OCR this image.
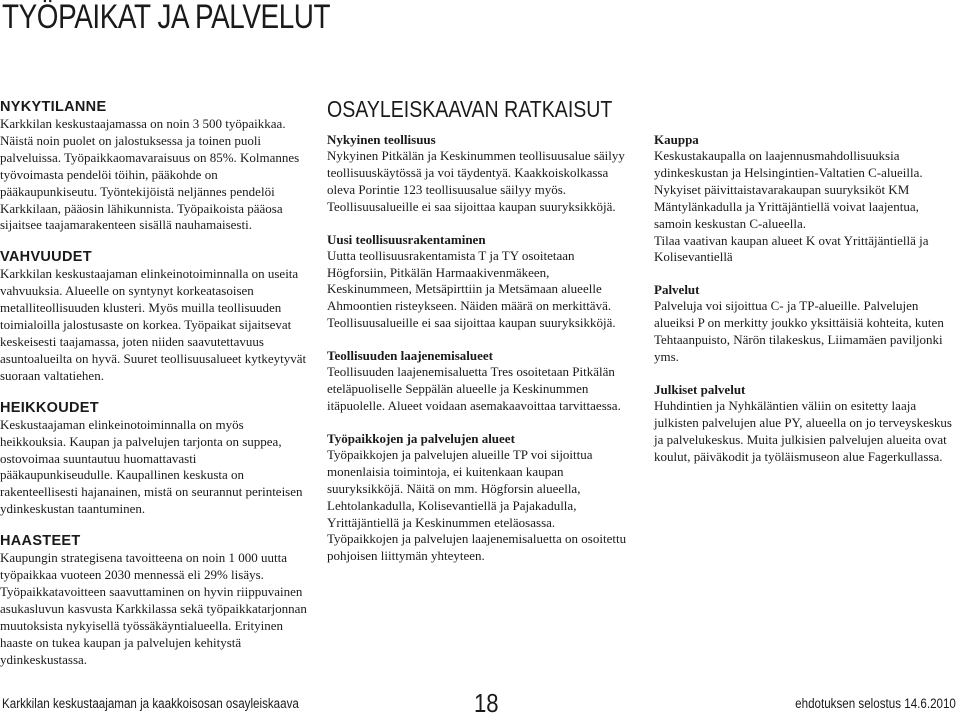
TYÖPAIKAT JA PALVELUT
NYKYTILANNE

Karkkilan keskustaajamassa on noin 3 500 työpaikkaa. Näistä noin puolet on jalostuksessa ja toinen puoli palveluissa. Työpaikkaomavaraisuus on 85%. Kolmannes työvoimasta pendelöi töihin, pääkohde on pääkaupunkiseutu. Työntekijöistä neljännes pendelöi Karkkilaan, pääosin lähikunnista. Työpaikoista pääosa sijaitsee taajamarakenteen sisällä nauhamaisesti.

VAHVUUDET

Karkkilan keskustaajaman elinkeinotoiminnalla on useita vahvuuksia. Alueelle on syntynyt korkeatasoisen metalliteollisuuden klusteri. Myös muilla teollisuuden toimialoilla jalostusaste on korkea. Työpaikat sijaitsevat keskeisesti taajamassa, joten niiden saavutettavuus asuntoalueilta on hyvä. Suuret teollisuusalueet kytkeytyvät suoraan valtatiehen.

HEIKKOUDET

Keskustaajaman elinkeinotoiminnalla on myös heikkouksia. Kaupan ja palvelujen tarjonta on suppea, ostovoimaa suuntautuu huomattavasti pääkaupunkiseudulle. Kaupallinen keskusta on rakenteellisesti hajanainen, mistä on seurannut perinteisen ydinkeskustan taantuminen.

HAASTEET

Kaupungin strategisena tavoitteena on noin 1 000 uutta työpaikkaa vuoteen 2030 mennessä eli 29% lisäys. Työpaikkatavoitteen saavuttaminen on hyvin riippuvainen asukasluvun kasvusta Karkkilassa sekä työpaikkatarjonnan muutoksista nykyisellä työssäkäyntialueella. Erityinen haaste on tukea kaupan ja palvelujen kehitystä ydinkeskustassa.

OSAYLEISKAAVAN RATKAISUT
Nykyinen teollisuus

Nykyinen Pitkälän ja Keskinummen teollisuusalue säilyy teollisuuskäytössä ja voi täydentyä. Kaakkoiskolkassa oleva Porintie 123 teollisuusalue säilyy myös. Teollisuusalueille ei saa sijoittaa kaupan suuryksikköjä.

Uusi teollisuusrakentaminen

Uutta teollisuusrakentamista T ja TY osoitetaan Högforsiin, Pitkälän Harmaakivenmäkeen, Keskinummeen, Metsäpirttiin ja Metsämaan alueelle Ahmoontien risteykseen. Näiden määrä on merkittävä. Teollisuusalueille ei saa sijoittaa kaupan suuryksikköjä.

Teollisuuden laajenemisalueet

Teollisuuden laajenemisaluetta Tres osoitetaan Pitkälän eteläpuoliselle Seppälän alueelle ja Keskinummen itäpuolelle. Alueet voidaan asemakaavoittaa tarvittaessa.

Työpaikkojen ja palvelujen alueet

Työpaikkojen ja palvelujen alueille TP voi sijoittua monenlaisia toimintoja, ei kuitenkaan kaupan suuryksikköjä. Näitä on mm. Högforsin alueella, Lehtolankadulla, Kolisevantiellä ja Pajakadulla, Yrittäjäntiellä ja Keskinummen eteläosassa.

Työpaikkojen ja palvelujen laajenemisaluetta on osoitettu pohjoisen liittymän yhteyteen.

Kauppa

Keskustakaupalla on laajennusmahdollisuuksia ydinkeskustan ja Helsingintien-Valtatien C-alueilla.

Nykyiset päivittaistavarakaupan suuryksiköt KM Mäntylänkadulla ja Yrittäjäntiellä voivat laajentua, samoin keskustan C-alueella.

Tilaa vaativan kaupan alueet K ovat Yrittäjäntiellä ja Kolisevantiellä

Palvelut

Palveluja voi sijoittua C- ja TP-alueille. Palvelujen alueiksi P on merkitty joukko yksittäisiä kohteita, kuten Tehtaanpuisto, Närön tilakeskus, Liimamäen paviljonki yms.

Julkiset palvelut

Huhdintien ja Nyhkäläntien väliin on esitetty laaja julkisten palvelujen alue PY, alueella on jo terveyskeskus ja palvelukeskus. Muita julkisien palvelujen alueita ovat koulut, päiväkodit ja työläismuseon alue Fagerkullassa.

Karkkilan keskustaajaman ja kaakkoisosan osayleiskaava	18	ehdotuksen selostus 14.6.2010
